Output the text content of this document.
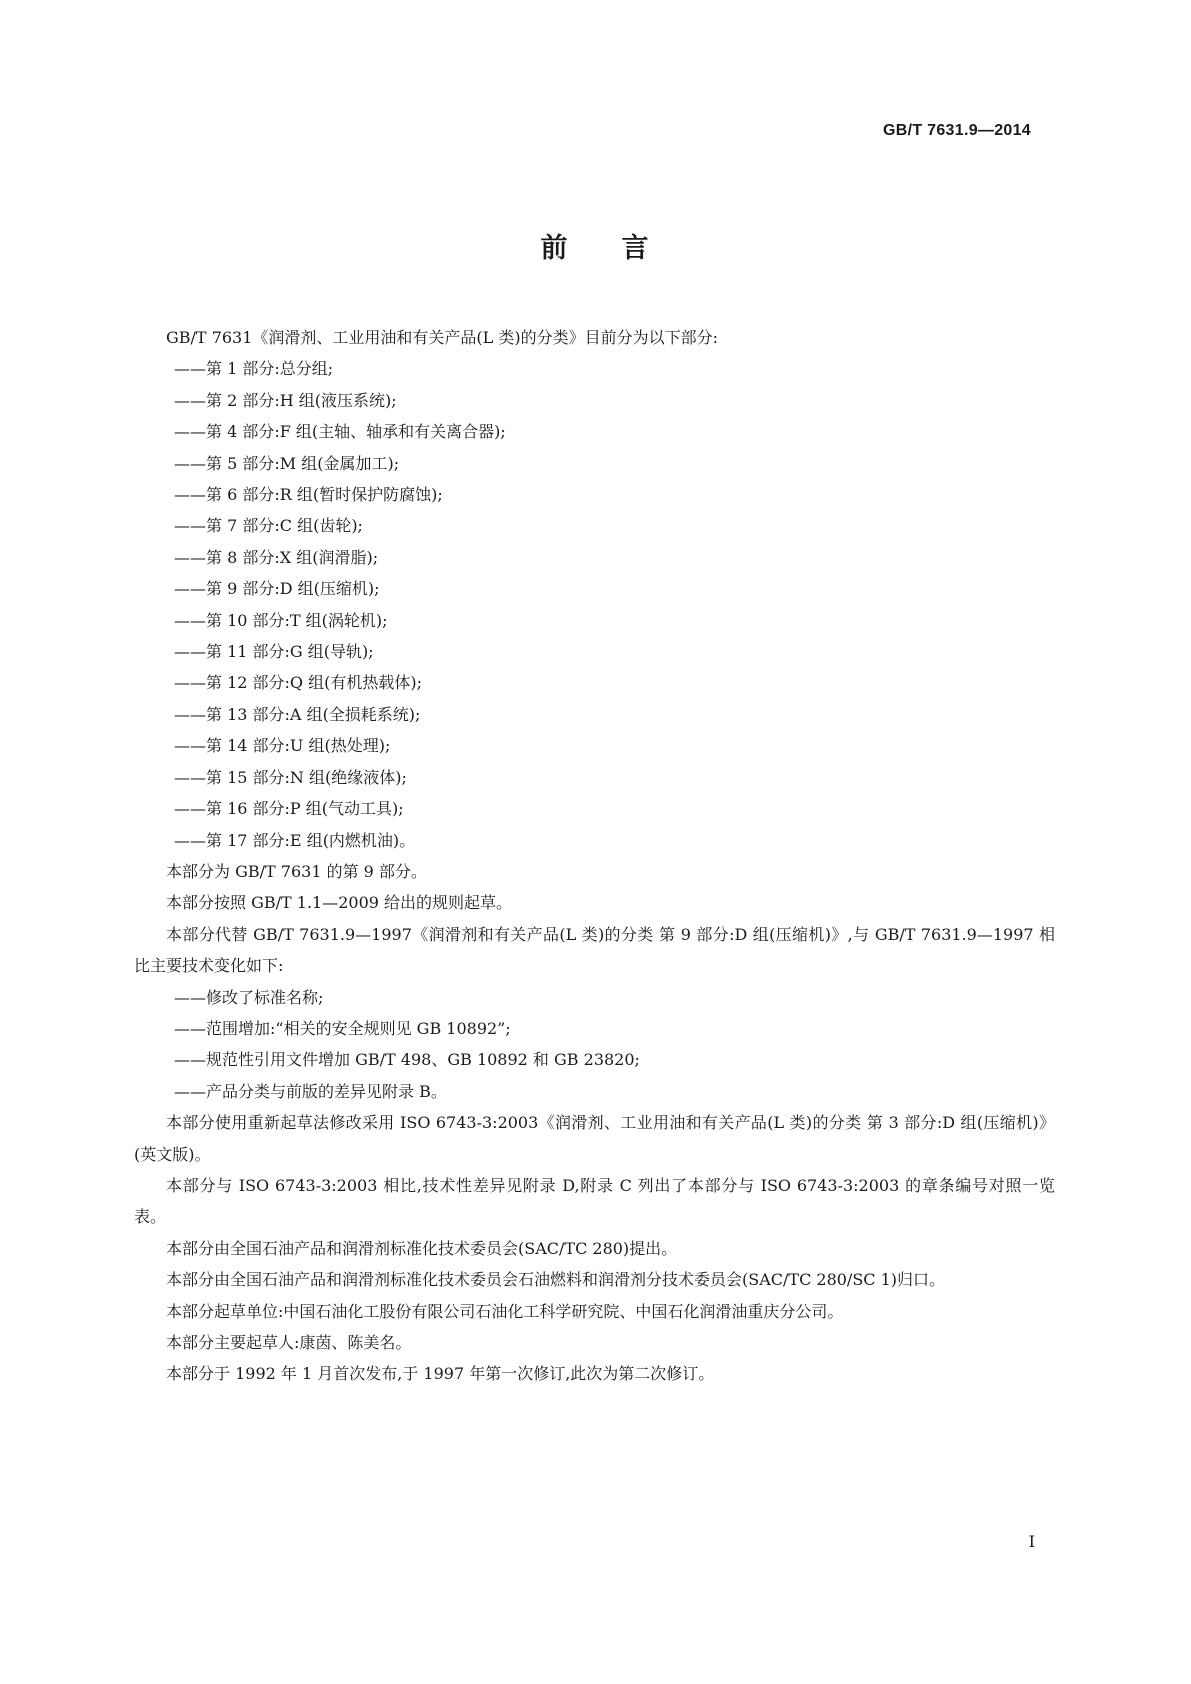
GB/T 7631.9—2014
前 言

GB/T 7631《润滑剂、工业用油和有关产品(L 类)的分类》目前分为以下部分:

——第 1 部分:总分组;
——第 2 部分:H 组(液压系统);
——第 4 部分:F 组(主轴、轴承和有关离合器);
——第 5 部分:M 组(金属加工);
——第 6 部分:R 组(暂时保护防腐蚀);
——第 7 部分:C 组(齿轮);
——第 8 部分:X 组(润滑脂);
——第 9 部分:D 组(压缩机);
——第 10 部分:T 组(涡轮机);
——第 11 部分:G 组(导轨);
——第 12 部分:Q 组(有机热载体);
——第 13 部分:A 组(全损耗系统);
——第 14 部分:U 组(热处理);
——第 15 部分:N 组(绝缘液体);
——第 16 部分:P 组(气动工具);
——第 17 部分:E 组(内燃机油)。

本部分为 GB/T 7631 的第 9 部分。

本部分按照 GB/T 1.1—2009 给出的规则起草。

本部分代替 GB/T 7631.9—1997《润滑剂和有关产品(L 类)的分类 第 9 部分:D 组(压缩机)》,与 GB/T 7631.9—1997 相比主要技术变化如下:

——修改了标准名称;
——范围增加:“相关的安全规则见 GB 10892”;
——规范性引用文件增加 GB/T 498、GB 10892 和 GB 23820;
——产品分类与前版的差异见附录 B。

本部分使用重新起草法修改采用 ISO 6743-3:2003《润滑剂、工业用油和有关产品(L 类)的分类 第 3 部分:D 组(压缩机)》(英文版)。

本部分与 ISO 6743-3:2003 相比,技术性差异见附录 D,附录 C 列出了本部分与 ISO 6743-3:2003 的章条编号对照一览表。

本部分由全国石油产品和润滑剂标准化技术委员会(SAC/TC 280)提出。

本部分由全国石油产品和润滑剂标准化技术委员会石油燃料和润滑剂分技术委员会(SAC/TC 280/SC 1)归口。

本部分起草单位:中国石油化工股份有限公司石油化工科学研究院、中国石化润滑油重庆分公司。

本部分主要起草人:康茵、陈美名。

本部分于 1992 年 1 月首次发布,于 1997 年第一次修订,此次为第二次修订。

I
